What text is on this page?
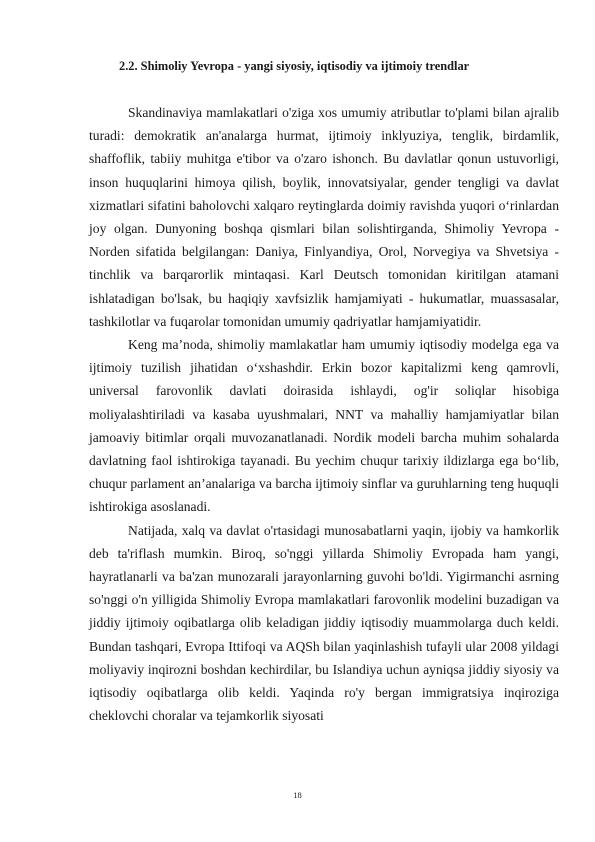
2.2. Shimoliy Yevropa - yangi siyosiy, iqtisodiy va ijtimoiy trendlar

Skandinaviya mamlakatlari o'ziga xos umumiy atributlar to'plami bilan ajralib turadi: demokratik an'analarga hurmat, ijtimoiy inklyuziya, tenglik, birdamlik, shaffoflik, tabiiy muhitga e'tibor va o'zaro ishonch. Bu davlatlar qonun ustuvorligi, inson huquqlarini himoya qilish, boylik, innovatsiyalar, gender tengligi va davlat xizmatlari sifatini baholovchi xalqaro reytinglarda doimiy ravishda yuqori o‘rinlardan joy olgan. Dunyoning boshqa qismlari bilan solishtirganda, Shimoliy Yevropa - Norden sifatida belgilangan: Daniya, Finlyandiya, Orol, Norvegiya va Shvetsiya - tinchlik va barqarorlik mintaqasi. Karl Deutsch tomonidan kiritilgan atamani ishlatadigan bo'lsak, bu haqiqiy xavfsizlik hamjamiyati - hukumatlar, muassasalar, tashkilotlar va fuqarolar tomonidan umumiy qadriyatlar hamjamiyatidir.

Keng ma’noda, shimoliy mamlakatlar ham umumiy iqtisodiy modelga ega va ijtimoiy tuzilish jihatidan o‘xshashdir. Erkin bozor kapitalizmi keng qamrovli, universal farovonlik davlati doirasida ishlaydi, og'ir soliqlar hisobiga moliyalashtiriladi va kasaba uyushmalari, NNT va mahalliy hamjamiyatlar bilan jamoaviy bitimlar orqali muvozanatlanadi. Nordik modeli barcha muhim sohalarda davlatning faol ishtirokiga tayanadi. Bu yechim chuqur tarixiy ildizlarga ega bo‘lib, chuqur parlament an’analariga va barcha ijtimoiy sinflar va guruhlarning teng huquqli ishtirokiga asoslanadi.

Natijada, xalq va davlat o'rtasidagi munosabatlarni yaqin, ijobiy va hamkorlik deb ta'riflash mumkin. Biroq, so'nggi yillarda Shimoliy Evropada ham yangi, hayratlanarli va ba'zan munozarali jarayonlarning guvohi bo'ldi. Yigirmanchi asrning so'nggi o'n yilligida Shimoliy Evropa mamlakatlari farovonlik modelini buzadigan va jiddiy ijtimoiy oqibatlarga olib keladigan jiddiy iqtisodiy muammolarga duch keldi. Bundan tashqari, Evropa Ittifoqi va AQSh bilan yaqinlashish tufayli ular 2008 yildagi moliyaviy inqirozni boshdan kechirdilar, bu Islandiya uchun ayniqsa jiddiy siyosiy va iqtisodiy oqibatlarga olib keldi. Yaqinda ro'y bergan immigratsiya inqiroziga cheklovchi choralar va tejamkorlik siyosati

18
